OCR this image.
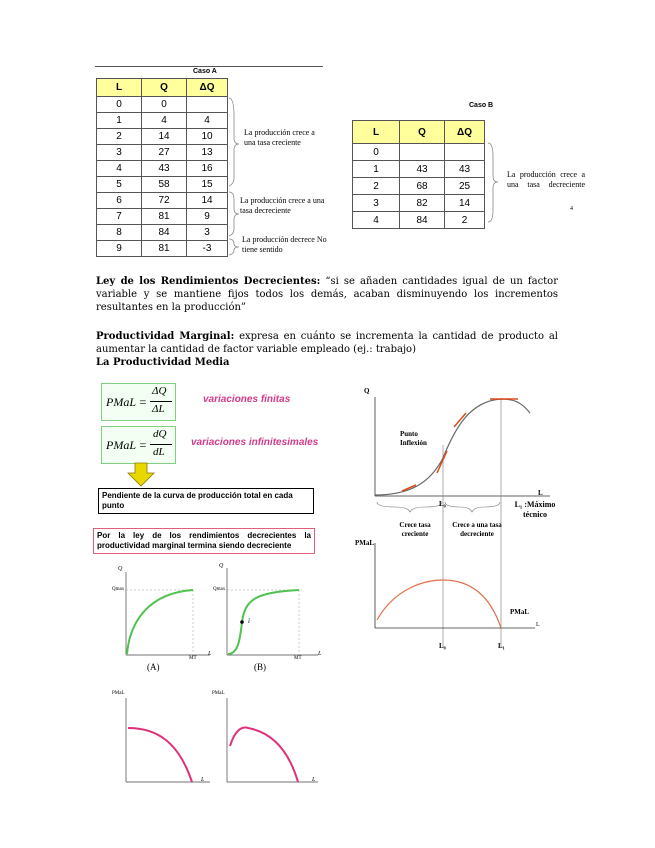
Caso A
L	Q	ΔQ
0	0	
1	4	4
2	14	10
3	27	13
4	43	16
5	58	15
6	72	14
7	81	9
8	84	3
9	81	-3
La producción crece a una tasa creciente
La producción crece a una tasa decreciente
La producción decrece No tiene sentido
Caso B
L	Q	ΔQ
0		
1	43	43
2	68	25
3	82	14
4	84	2
La producción crece a una tasa decreciente
4
Ley de los Rendimientos Decrecientes: “si se añaden cantidades igual de un factor variable y se mantiene fijos todos los demás, acaban disminuyendo los incrementos resultantes en la producción”
Productividad Marginal: expresa en cuánto se incrementa la cantidad de producto al aumentar la cantidad de factor variable empleado (ej.: trabajo)
La Productividad Media
PMaL =
ΔQ
ΔL
variaciones finitas
PMaL =
dQ
dL
variaciones infinitesimales
Pendiente de la curva de producción total en cada punto
Por la ley de los rendimientos decrecientes la productividad marginal termina siendo decreciente
Q
L
Punto Inflexión
L₀	L₁ :Máximo técnico
Crece tasa creciente
Crece a una tasa decreciente
PMaL
PMaL
L
L₀	L₁
Q
Qmax
MT
L
(A)
Q
Qmax
i
MT
L
(B)
PMaL
L
PMaL
L
